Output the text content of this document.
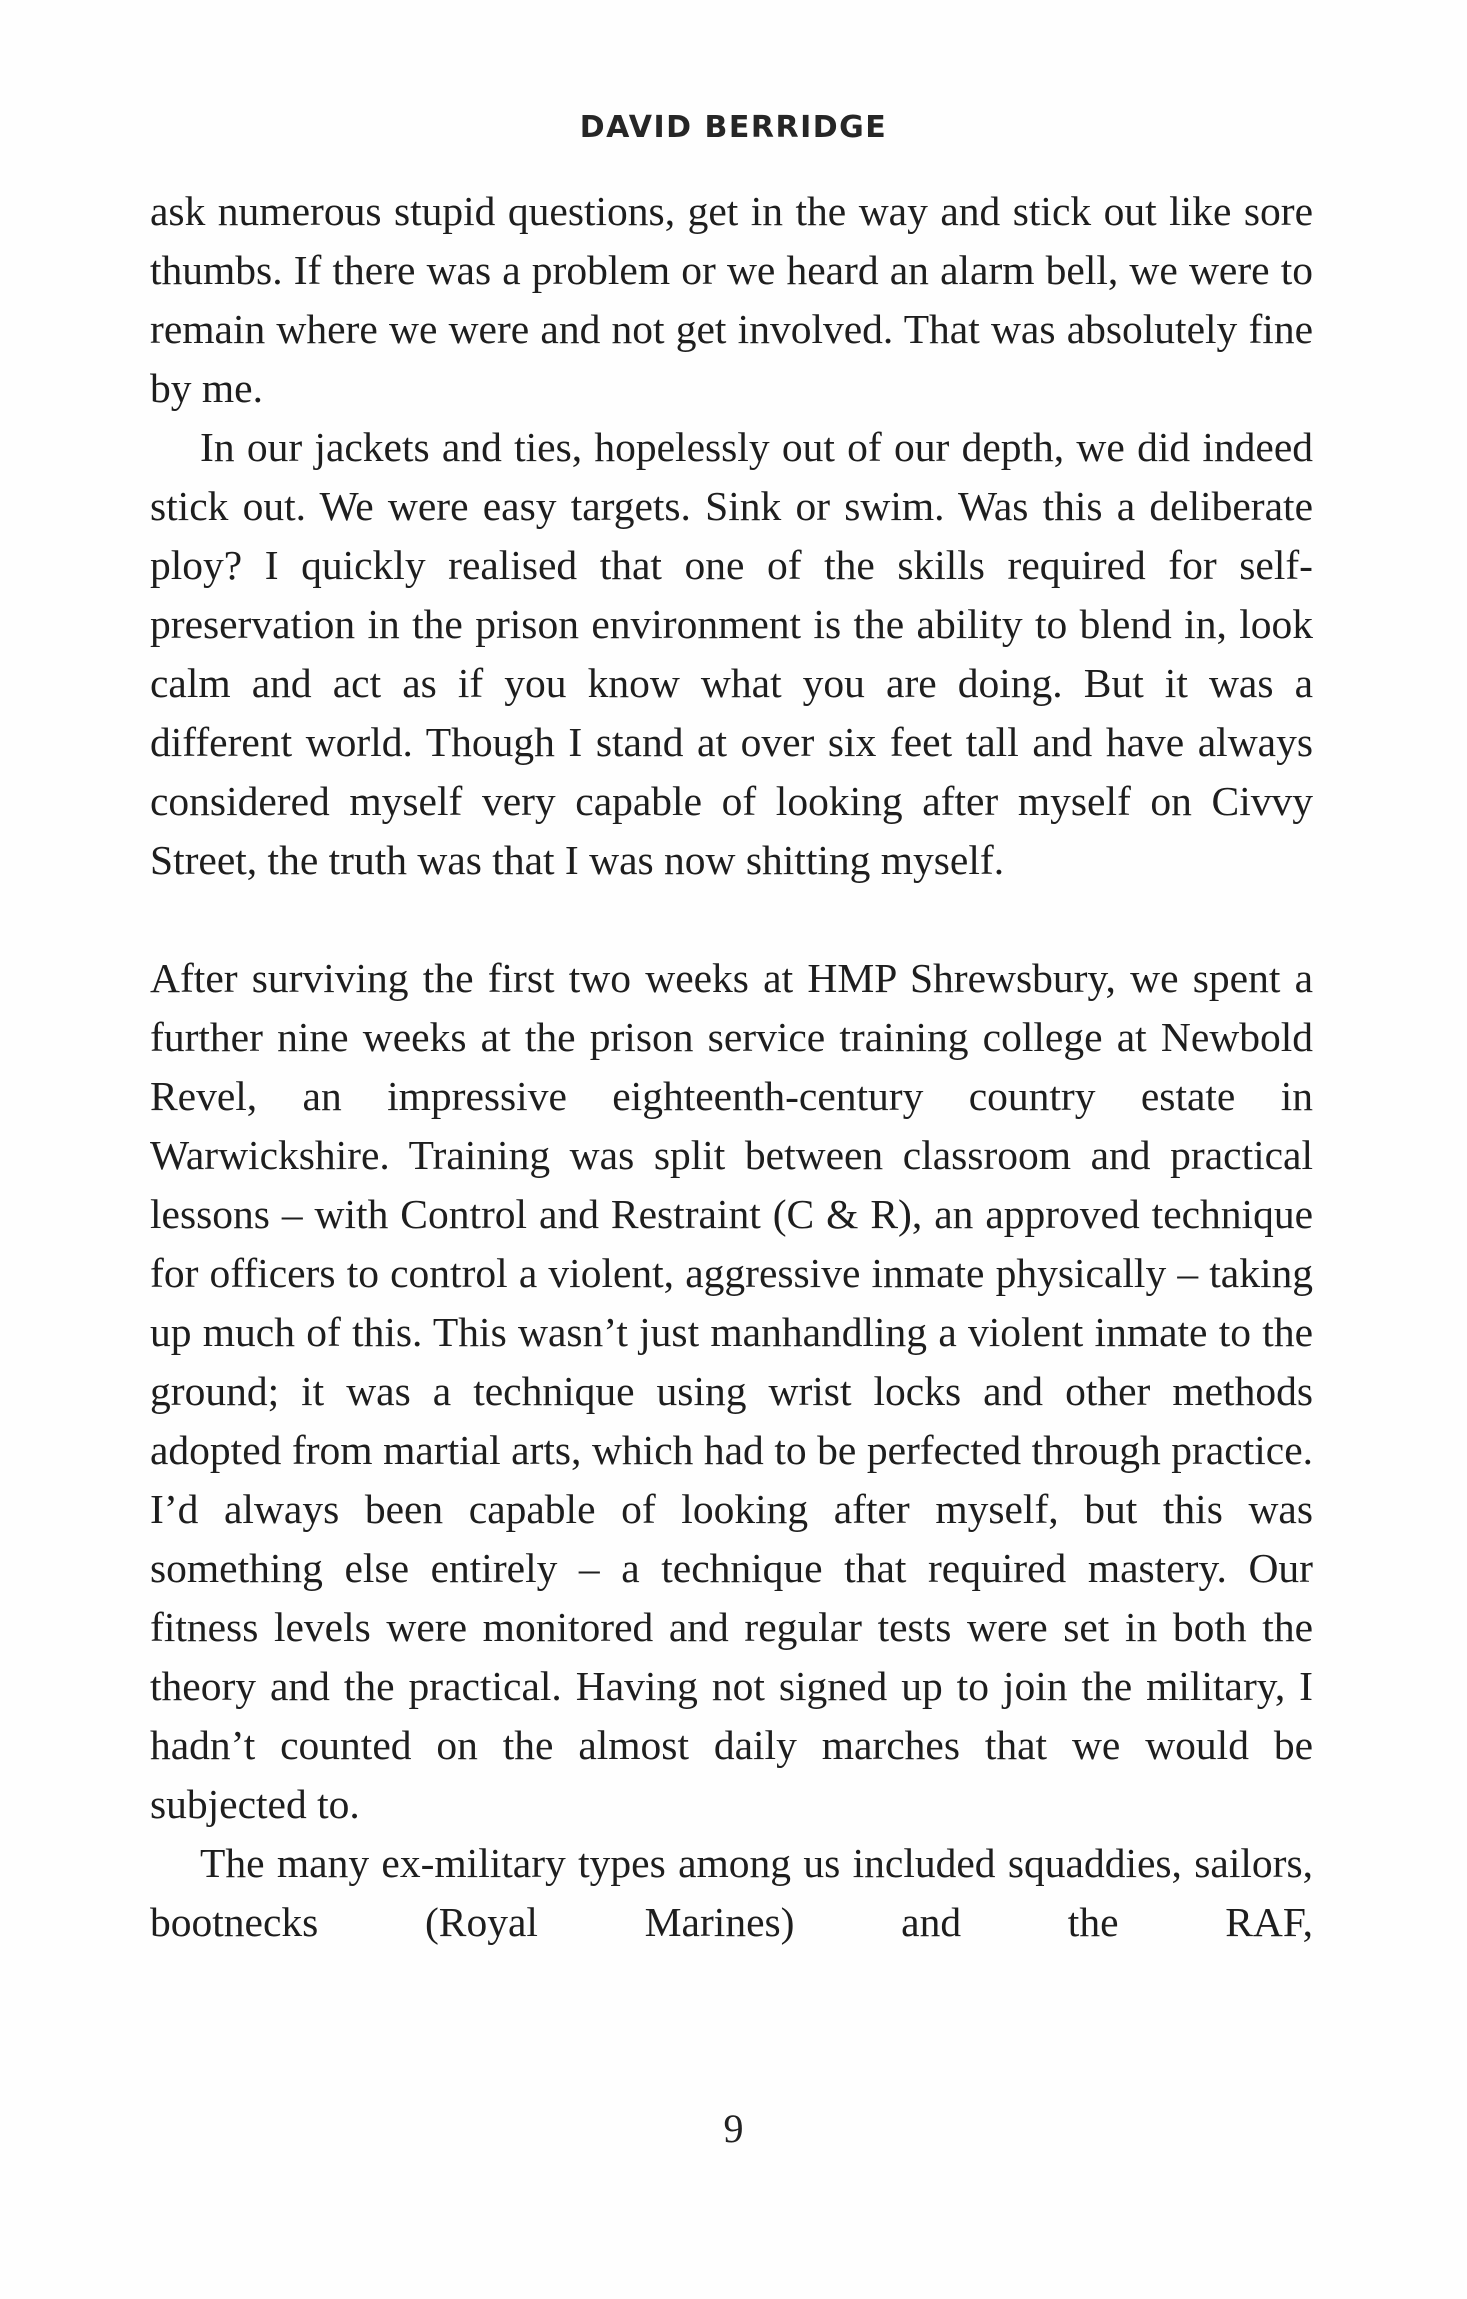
DAVID BERRIDGE

ask numerous stupid questions, get in the way and stick out like sore thumbs. If there was a problem or we heard an alarm bell, we were to remain where we were and not get involved. That was absolutely fine by me.

In our jackets and ties, hopelessly out of our depth, we did indeed stick out. We were easy targets. Sink or swim. Was this a deliberate ploy? I quickly realised that one of the skills required for self-preservation in the prison environment is the ability to blend in, look calm and act as if you know what you are doing. But it was a different world. Though I stand at over six feet tall and have always considered myself very capable of looking after myself on Civvy Street, the truth was that I was now shitting myself.

After surviving the first two weeks at HMP Shrewsbury, we spent a further nine weeks at the prison service training college at Newbold Revel, an impressive eighteenth-century country estate in Warwickshire. Training was split between classroom and practical lessons – with Control and Restraint (C & R), an approved technique for officers to control a violent, aggressive inmate physically – taking up much of this. This wasn’t just manhandling a violent inmate to the ground; it was a technique using wrist locks and other methods adopted from martial arts, which had to be perfected through practice. I’d always been capable of looking after myself, but this was something else entirely – a technique that required mastery. Our fitness levels were monitored and regular tests were set in both the theory and the practical. Having not signed up to join the military, I hadn’t counted on the almost daily marches that we would be subjected to.

The many ex-military types among us included squaddies, sailors, bootnecks (Royal Marines) and the RAF,

9
